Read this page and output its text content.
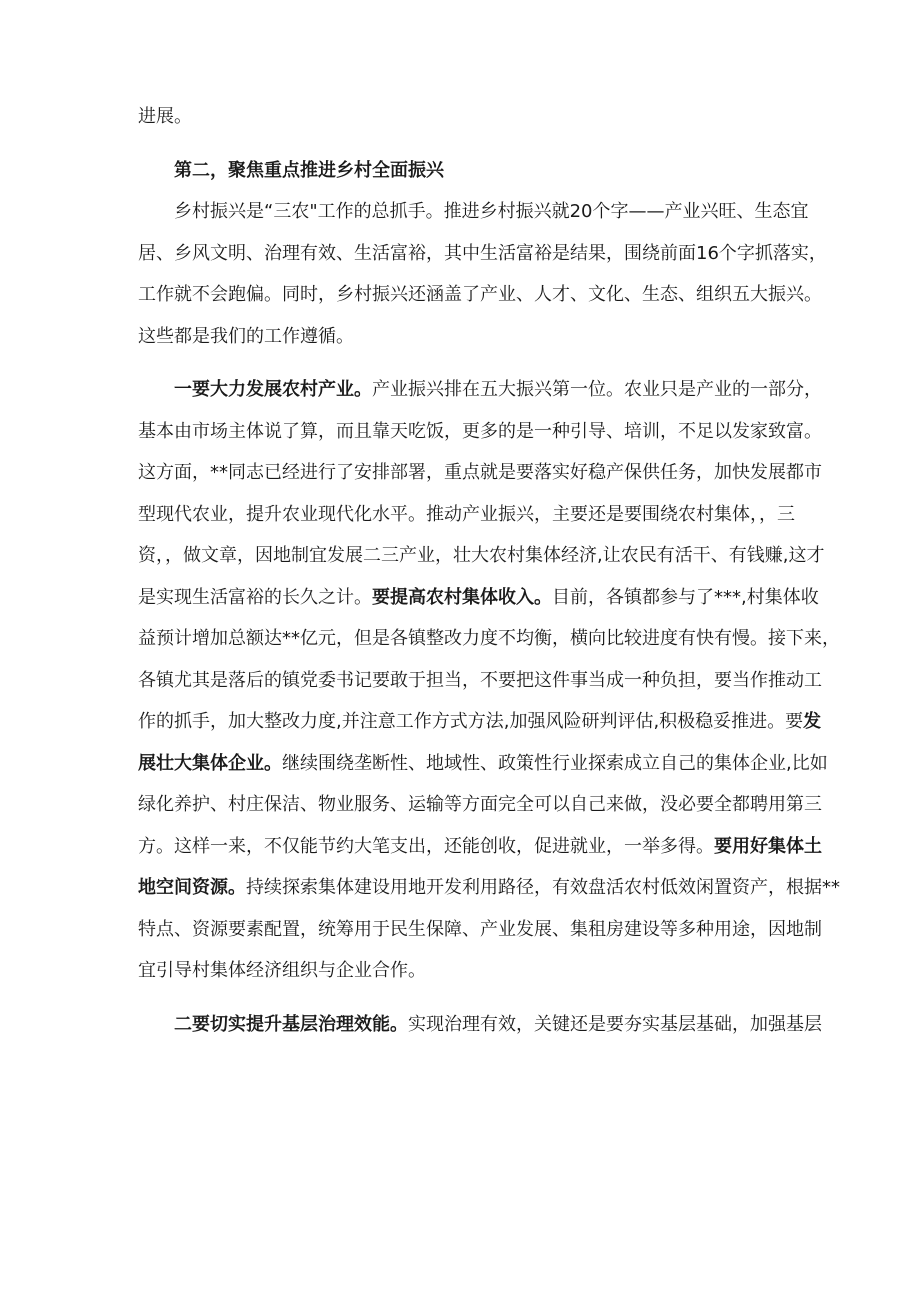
进展。
第二，聚焦重点推进乡村全面振兴
乡村振兴是“三农"工作的总抓手。推进乡村振兴就20个字——产业兴旺、生态宜
居、乡风文明、治理有效、生活富裕，其中生活富裕是结果，围绕前面16个字抓落实，
工作就不会跑偏。同时，乡村振兴还涵盖了产业、人才、文化、生态、组织五大振兴。
这些都是我们的工作遵循。
一要大力发展农村产业。产业振兴排在五大振兴第一位。农业只是产业的一部分，
基本由市场主体说了算，而且靠天吃饭，更多的是一种引导、培训，不足以发家致富。
这方面，**同志已经进行了安排部署，重点就是要落实好稳产保供任务，加快发展都市
型现代农业，提升农业现代化水平。推动产业振兴，主要还是要围绕农村集体，，三
资，，做文章，因地制宜发展二三产业，壮大农村集体经济,让农民有活干、有钱赚,这才
是实现生活富裕的长久之计。要提高农村集体收入。目前，各镇都参与了***,村集体收
益预计增加总额达**亿元，但是各镇整改力度不均衡，横向比较进度有快有慢。接下来，
各镇尤其是落后的镇党委书记要敢于担当，不要把这件事当成一种负担，要当作推动工
作的抓手，加大整改力度,并注意工作方式方法,加强风险研判评估,积极稳妥推进。要发
展壮大集体企业。继续围绕垄断性、地域性、政策性行业探索成立自己的集体企业,比如
绿化养护、村庄保洁、物业服务、运输等方面完全可以自己来做，没必要全都聘用第三
方。这样一来，不仅能节约大笔支出，还能创收，促进就业，一举多得。要用好集体土
地空间资源。持续探索集体建设用地开发利用路径，有效盘活农村低效闲置资产，根据**
特点、资源要素配置，统筹用于民生保障、产业发展、集租房建设等多种用途，因地制
宜引导村集体经济组织与企业合作。
二要切实提升基层治理效能。实现治理有效，关键还是要夯实基层基础，加强基层
